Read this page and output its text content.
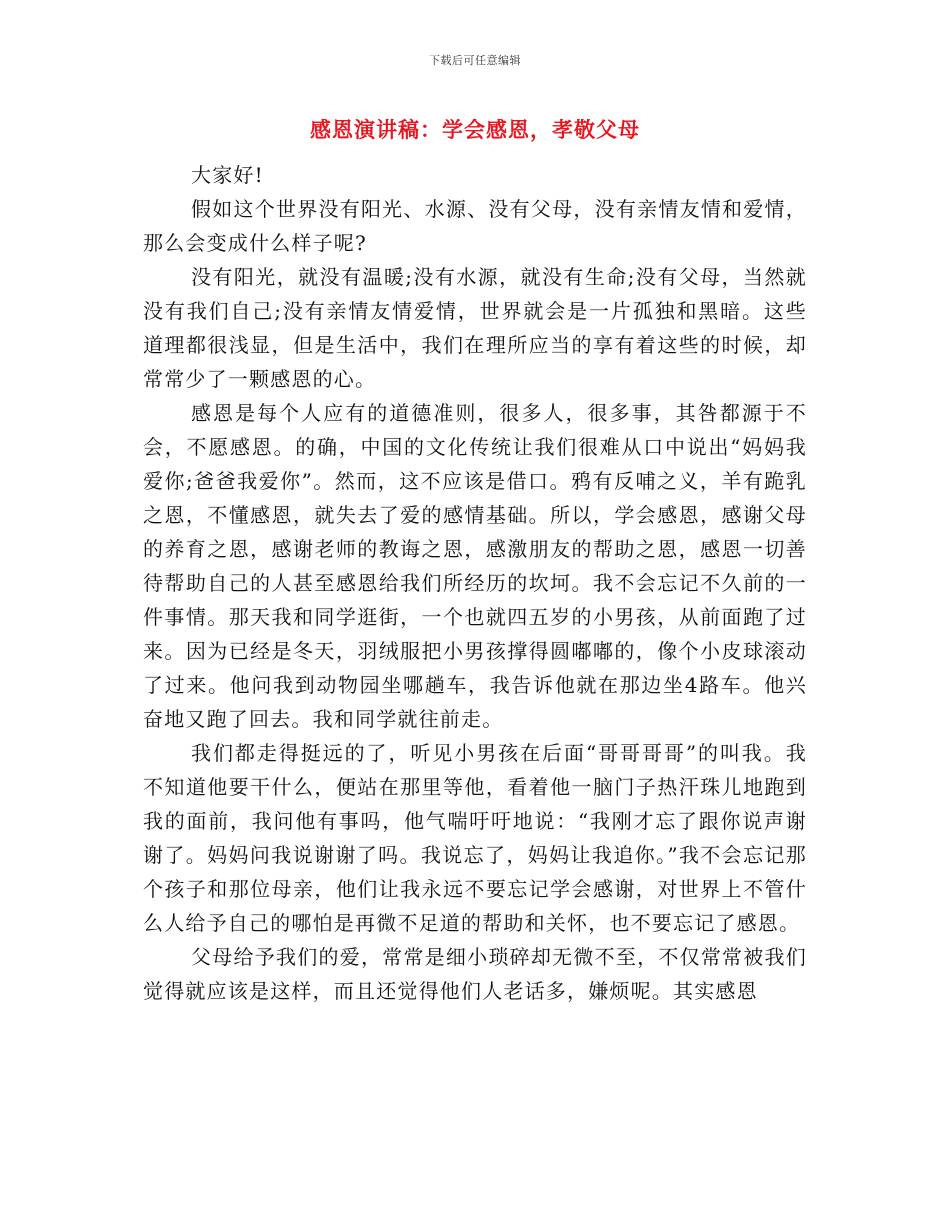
下载后可任意编辑
感恩演讲稿：学会感恩，孝敬父母

大家好!

假如这个世界没有阳光、水源、没有父母，没有亲情友情和爱情，那么会变成什么样子呢?

没有阳光，就没有温暖;没有水源，就没有生命;没有父母，当然就没有我们自己;没有亲情友情爱情，世界就会是一片孤独和黑暗。这些道理都很浅显，但是生活中，我们在理所应当的享有着这些的时候，却常常少了一颗感恩的心。

感恩是每个人应有的道德准则，很多人，很多事，其咎都源于不会，不愿感恩。的确，中国的文化传统让我们很难从口中说出“妈妈我爱你;爸爸我爱你”。然而，这不应该是借口。鸦有反哺之义，羊有跪乳之恩，不懂感恩，就失去了爱的感情基础。所以，学会感恩，感谢父母的养育之恩，感谢老师的教诲之恩，感激朋友的帮助之恩，感恩一切善待帮助自己的人甚至感恩给我们所经历的坎坷。我不会忘记不久前的一件事情。那天我和同学逛街，一个也就四五岁的小男孩，从前面跑了过来。因为已经是冬天，羽绒服把小男孩撑得圆嘟嘟的，像个小皮球滚动了过来。他问我到动物园坐哪趟车，我告诉他就在那边坐4路车。他兴奋地又跑了回去。我和同学就往前走。

我们都走得挺远的了，听见小男孩在后面“哥哥哥哥”的叫我。我不知道他要干什么，便站在那里等他，看着他一脑门子热汗珠儿地跑到我的面前，我问他有事吗，他气喘吁吁地说：“我刚才忘了跟你说声谢谢了。妈妈问我说谢谢了吗。我说忘了，妈妈让我追你。”我不会忘记那个孩子和那位母亲，他们让我永远不要忘记学会感谢，对世界上不管什么人给予自己的哪怕是再微不足道的帮助和关怀，也不要忘记了感恩。

父母给予我们的爱，常常是细小琐碎却无微不至，不仅常常被我们觉得就应该是这样，而且还觉得他们人老话多，嫌烦呢。其实感恩
